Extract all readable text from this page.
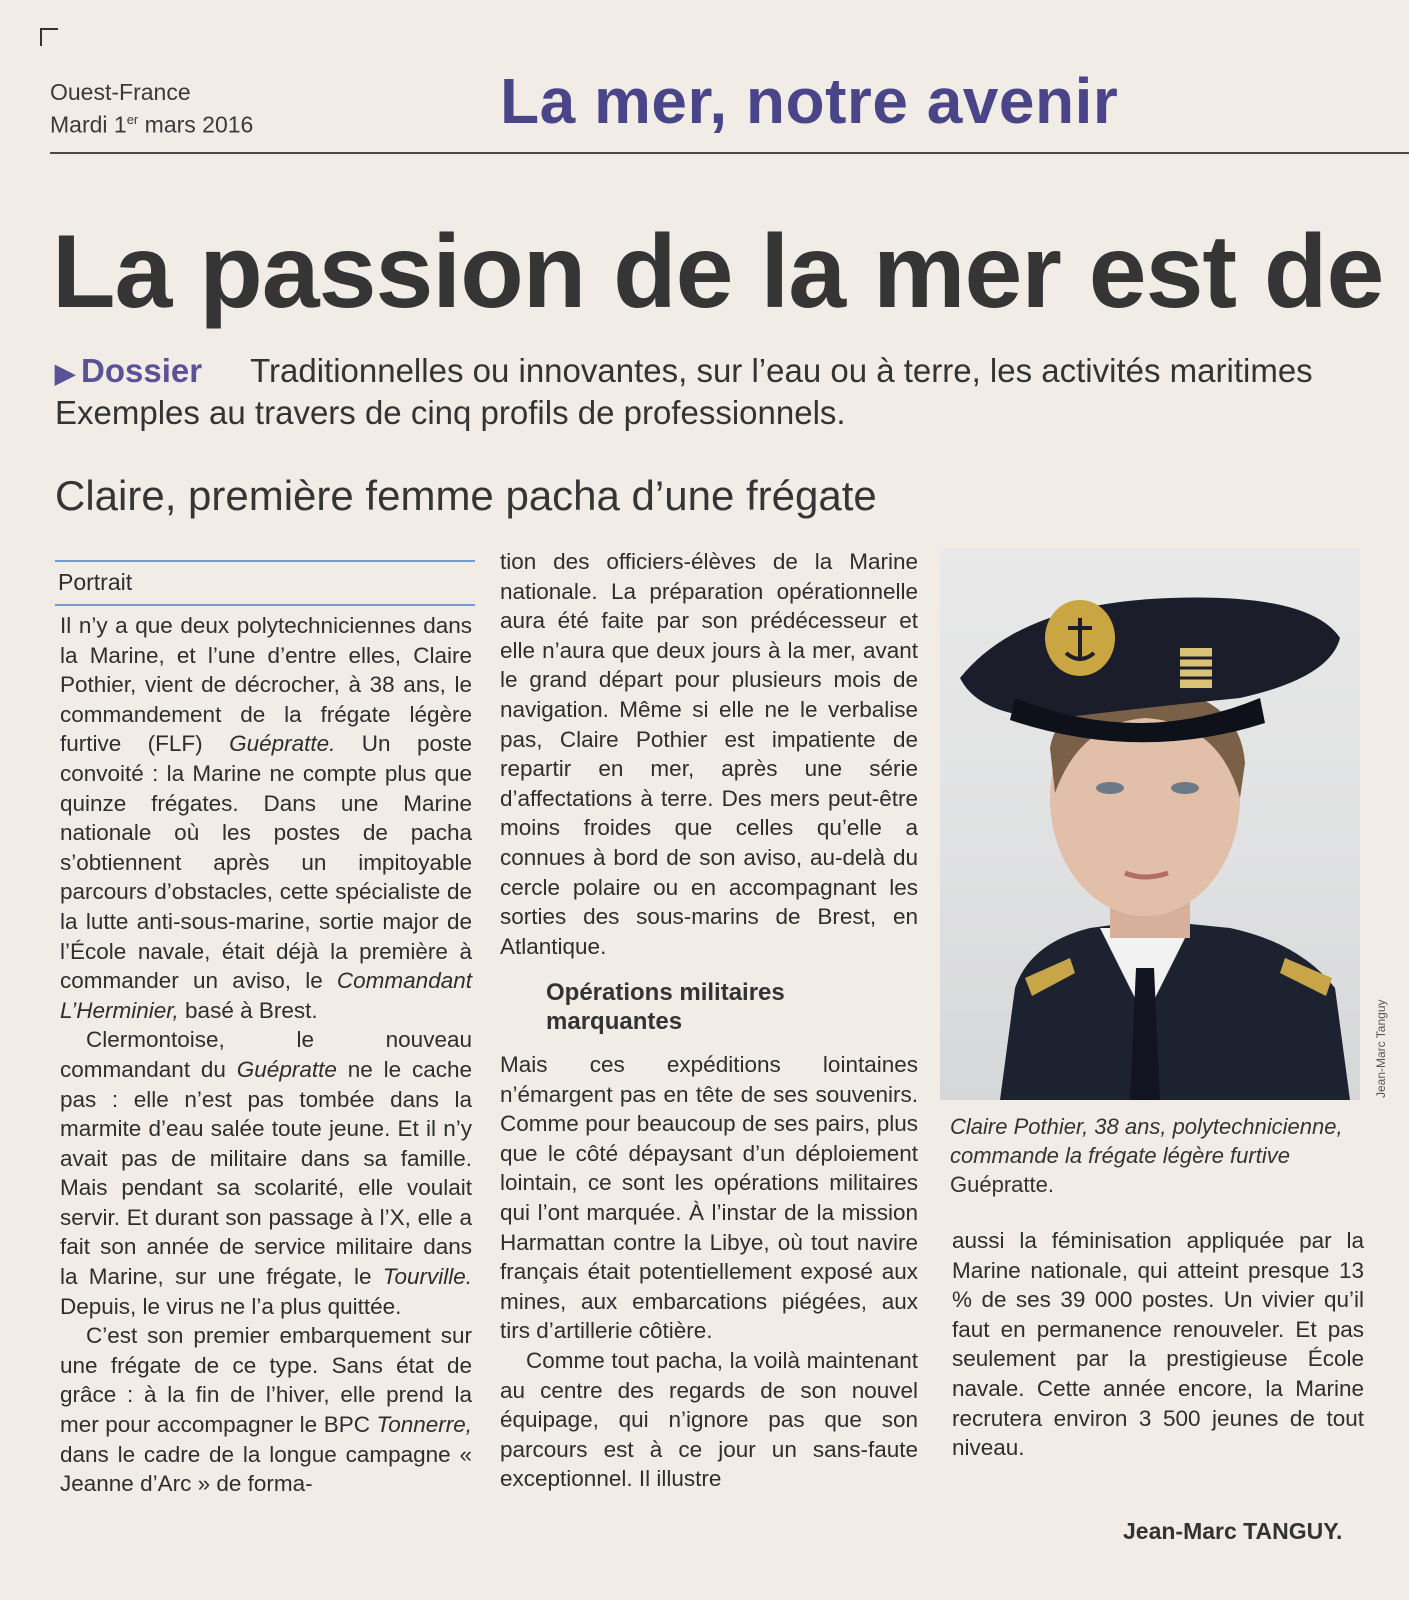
Ouest-France
Mardi 1er mars 2016	La mer, notre avenir
La passion de la mer est de
▶ Dossier Traditionnelles ou innovantes, sur l’eau ou à terre, les activités maritimes
Exemples au travers de cinq profils de professionnels.
Claire, première femme pacha d’une frégate
Portrait

Il n’y a que deux polytechniciennes dans la Marine, et l’une d’entre elles, Claire Pothier, vient de décrocher, à 38 ans, le commandement de la frégate légère furtive (FLF) Guépratte. Un poste convoité : la Marine ne compte plus que quinze frégates. Dans une Marine nationale où les postes de pacha s’obtiennent après un impitoyable parcours d’obstacles, cette spécialiste de la lutte anti-sous-marine, sortie major de l’École navale, était déjà la première à commander un aviso, le Commandant L’Herminier, basé à Brest.

Clermontoise, le nouveau commandant du Guépratte ne le cache pas : elle n’est pas tombée dans la marmite d’eau salée toute jeune. Et il n’y avait pas de militaire dans sa famille. Mais pendant sa scolarité, elle voulait servir. Et durant son passage à l’X, elle a fait son année de service militaire dans la Marine, sur une frégate, le Tourville. Depuis, le virus ne l’a plus quittée.

C’est son premier embarquement sur une frégate de ce type. Sans état de grâce : à la fin de l’hiver, elle prend la mer pour accompagner le BPC Tonnerre, dans le cadre de la longue campagne « Jeanne d’Arc » de forma-

tion des officiers-élèves de la Marine nationale. La préparation opérationnelle aura été faite par son prédécesseur et elle n’aura que deux jours à la mer, avant le grand départ pour plusieurs mois de navigation. Même si elle ne le verbalise pas, Claire Pothier est impatiente de repartir en mer, après une série d’affectations à terre. Des mers peut-être moins froides que celles qu’elle a connues à bord de son aviso, au-delà du cercle polaire ou en accompagnant les sorties des sous-marins de Brest, en Atlantique.

Opérations militaires marquantes

Mais ces expéditions lointaines n’émargent pas en tête de ses souvenirs. Comme pour beaucoup de ses pairs, plus que le côté dépaysant d’un déploiement lointain, ce sont les opérations militaires qui l’ont marquée. À l’instar de la mission Harmattan contre la Libye, où tout navire français était potentiellement exposé aux mines, aux embarcations piégées, aux tirs d’artillerie côtière.

Comme tout pacha, la voilà maintenant au centre des regards de son nouvel équipage, qui n’ignore pas que son parcours est à ce jour un sans-faute exceptionnel. Il illustre

Jean-Marc Tanguy
Claire Pothier, 38 ans, polytechnicienne, commande la frégate légère furtive Guépratte.

aussi la féminisation appliquée par la Marine nationale, qui atteint presque 13 % de ses 39 000 postes. Un vivier qu’il faut en permanence renouveler. Et pas seulement par la prestigieuse École navale. Cette année encore, la Marine recrutera environ 3 500 jeunes de tout niveau.

Jean-Marc TANGUY.
